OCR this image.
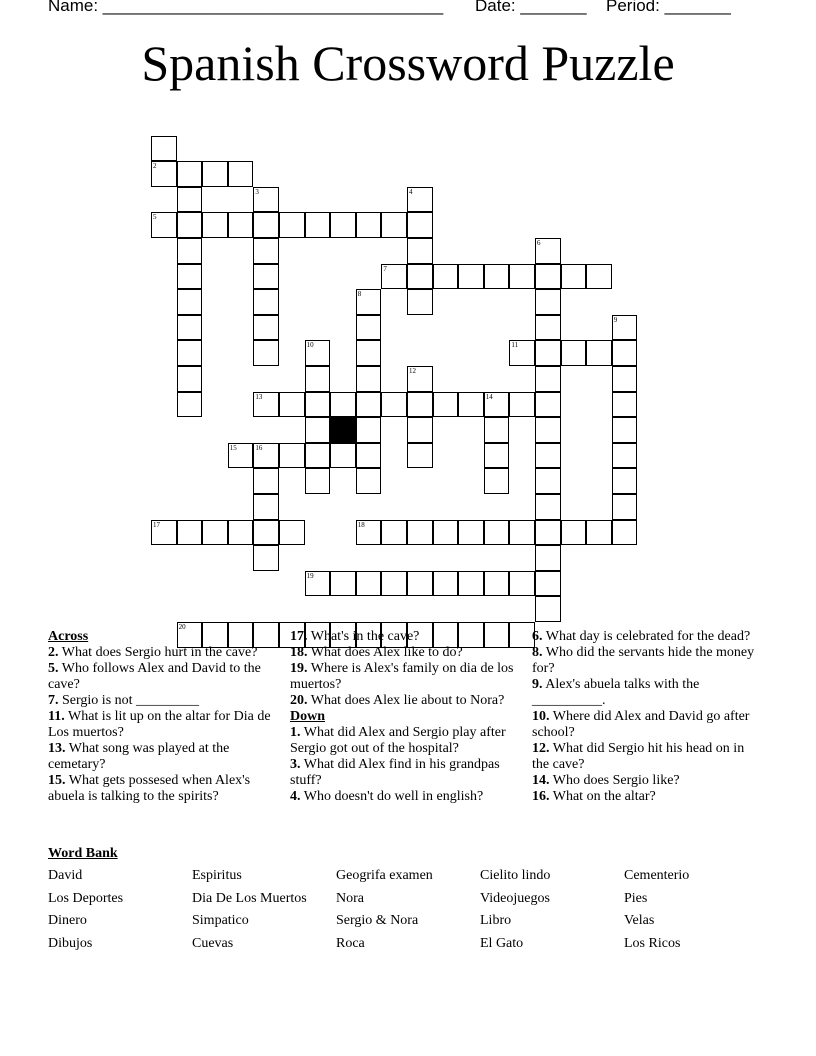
Name: ____________________________________ Date: _______ Period: _______
Spanish Crossword Puzzle
2
3	4
5
6
7
8
9
10	11
12
13	14
15	16
17	18
19
20
Across
2. What does Sergio hurt in the cave?
5. Who follows Alex and David to the cave?
7. Sergio is not _________
11. What is lit up on the altar for Dia de Los muertos?
13. What song was played at the cemetary?
15. What gets possesed when Alex's abuela is talking to the spirits?
17. What's in the cave?
18. What does Alex like to do?
19. Where is Alex's family on dia de los muertos?
20. What does Alex lie about to Nora?
Down
1. What did Alex and Sergio play after Sergio got out of the hospital?
3. What did Alex find in his grandpas stuff?
4. Who doesn't do well in english?
6. What day is celebrated for the dead?
8. Who did the servants hide the money for?
9. Alex's abuela talks with the __________.
10. Where did Alex and David go after school?
12. What did Sergio hit his head on in the cave?
14. Who does Sergio like?
16. What on the altar?
Word Bank
David	Espiritus	Geogrifa examen	Cielito lindo	Cementerio
Los Deportes	Dia De Los Muertos	Nora	Videojuegos	Pies
Dinero	Simpatico	Sergio & Nora	Libro	Velas
Dibujos	Cuevas	Roca	El Gato	Los Ricos
